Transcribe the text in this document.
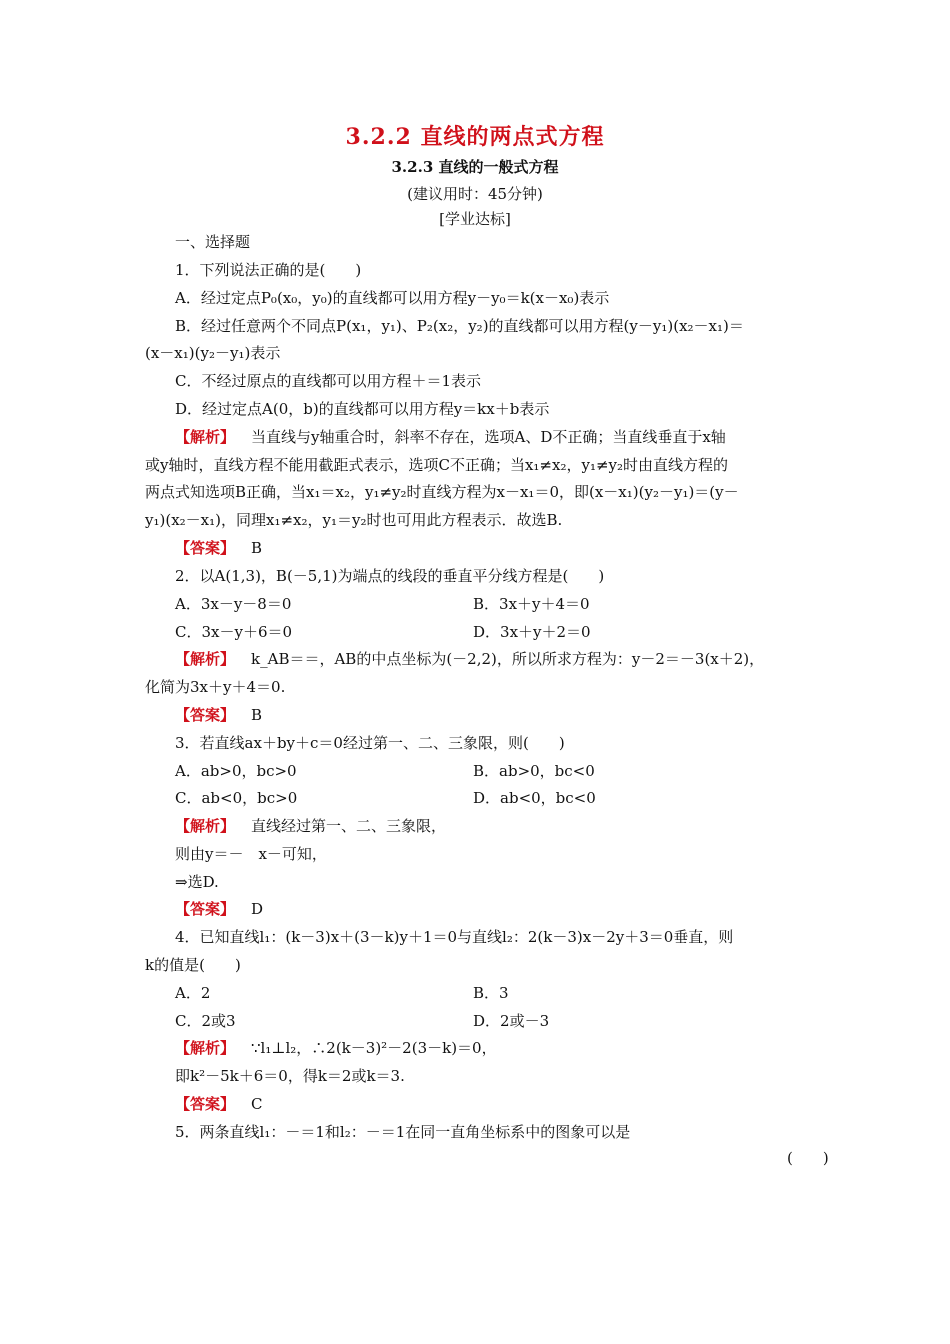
3.2.2 直线的两点式方程
3.2.3 直线的一般式方程
(建议用时：45分钟)
[学业达标]
一、选择题
1．下列说法正确的是(　　)
A．经过定点P₀(x₀，y₀)的直线都可以用方程y－y₀＝k(x－x₀)表示
B．经过任意两个不同点P(x₁，y₁)、P₂(x₂，y₂)的直线都可以用方程(y－y₁)(x₂－x₁)＝
(x－x₁)(y₂－y₁)表示
C．不经过原点的直线都可以用方程＋＝1表示
D．经过定点A(0，b)的直线都可以用方程y＝kx＋b表示
【解析】 当直线与y轴重合时，斜率不存在，选项A、D不正确；当直线垂直于x轴
或y轴时，直线方程不能用截距式表示，选项C不正确；当x₁≠x₂，y₁≠y₂时由直线方程的
两点式知选项B正确，当x₁＝x₂，y₁≠y₂时直线方程为x－x₁＝0，即(x－x₁)(y₂－y₁)＝(y－
y₁)(x₂－x₁)，同理x₁≠x₂，y₁＝y₂时也可用此方程表示．故选B.
【答案】 B
2．以A(1,3)，B(－5,1)为端点的线段的垂直平分线方程是(　　)
A．3x－y－8＝0	B．3x＋y＋4＝0
C．3x－y＋6＝0	D．3x＋y＋2＝0
【解析】 k_AB＝＝，AB的中点坐标为(－2,2)，所以所求方程为：y－2＝－3(x＋2)，
化简为3x＋y＋4＝0.
【答案】 B
3．若直线ax＋by＋c＝0经过第一、二、三象限，则(　　)
A．ab>0，bc>0	B．ab>0，bc<0
C．ab<0，bc>0	D．ab<0，bc<0
【解析】 直线经过第一、二、三象限，
则由y＝－　x－可知，
⇒选D.
【答案】 D
4．已知直线l₁：(k－3)x＋(3－k)y＋1＝0与直线l₂：2(k－3)x－2y＋3＝0垂直，则
k的值是(　　)
A．2	B．3
C．2或3	D．2或－3
【解析】 ∵l₁⊥l₂，∴2(k－3)²－2(3－k)＝0，
即k²－5k＋6＝0，得k＝2或k＝3.
【答案】 C
5．两条直线l₁：－＝1和l₂：－＝1在同一直角坐标系中的图象可以是
(　　)
